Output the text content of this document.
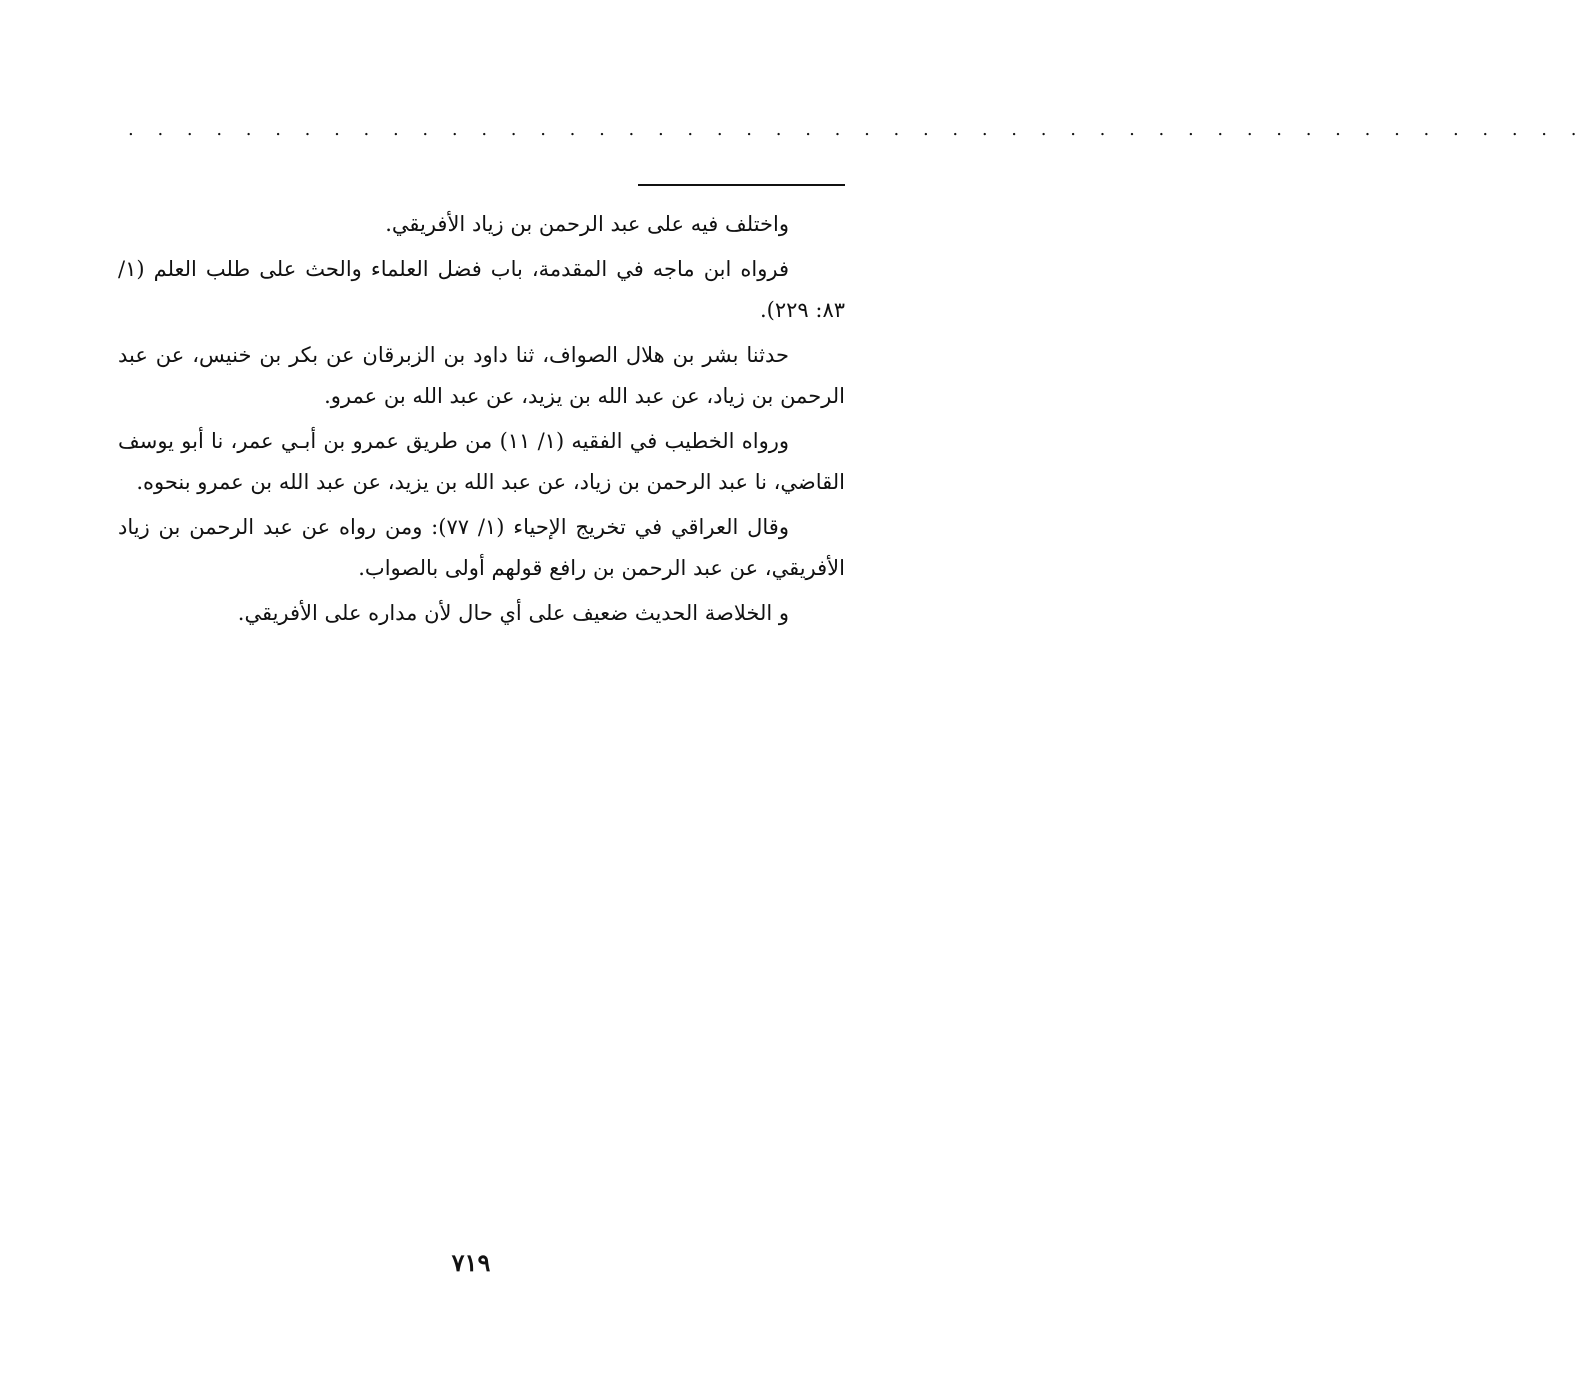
. . . . . . . . . . . . . . . . . . . . . . . . . . . . . . . . . . . . . . . . . . . . . . . . . .

واختلف فيه على عبد الرحمن بن زياد الأفريقي.

فرواه ابن ماجه في المقدمة، باب فضل العلماء والحث على طلب العلم (١/ ٨٣: ٢٢٩).

حدثنا بشر بن هلال الصواف، ثنا داود بن الزبرقان عن بكر بن خنيس، عن عبد الرحمن بن زياد، عن عبد الله بن يزيد، عن عبد الله بن عمرو.

ورواه الخطيب في الفقيه (١/ ١١) من طريق عمرو بن أبـي عمر، نا أبو يوسف القاضي، نا عبد الرحمن بن زياد، عن عبد الله بن يزيد، عن عبد الله بن عمرو بنحوه.

وقال العراقي في تخريج الإحياء (١/ ٧٧): ومن رواه عن عبد الرحمن بن زياد الأفريقي، عن عبد الرحمن بن رافع قولهم أولى بالصواب.

و الخلاصة الحديث ضعيف على أي حال لأن مداره على الأفريقي.

٧١٩
